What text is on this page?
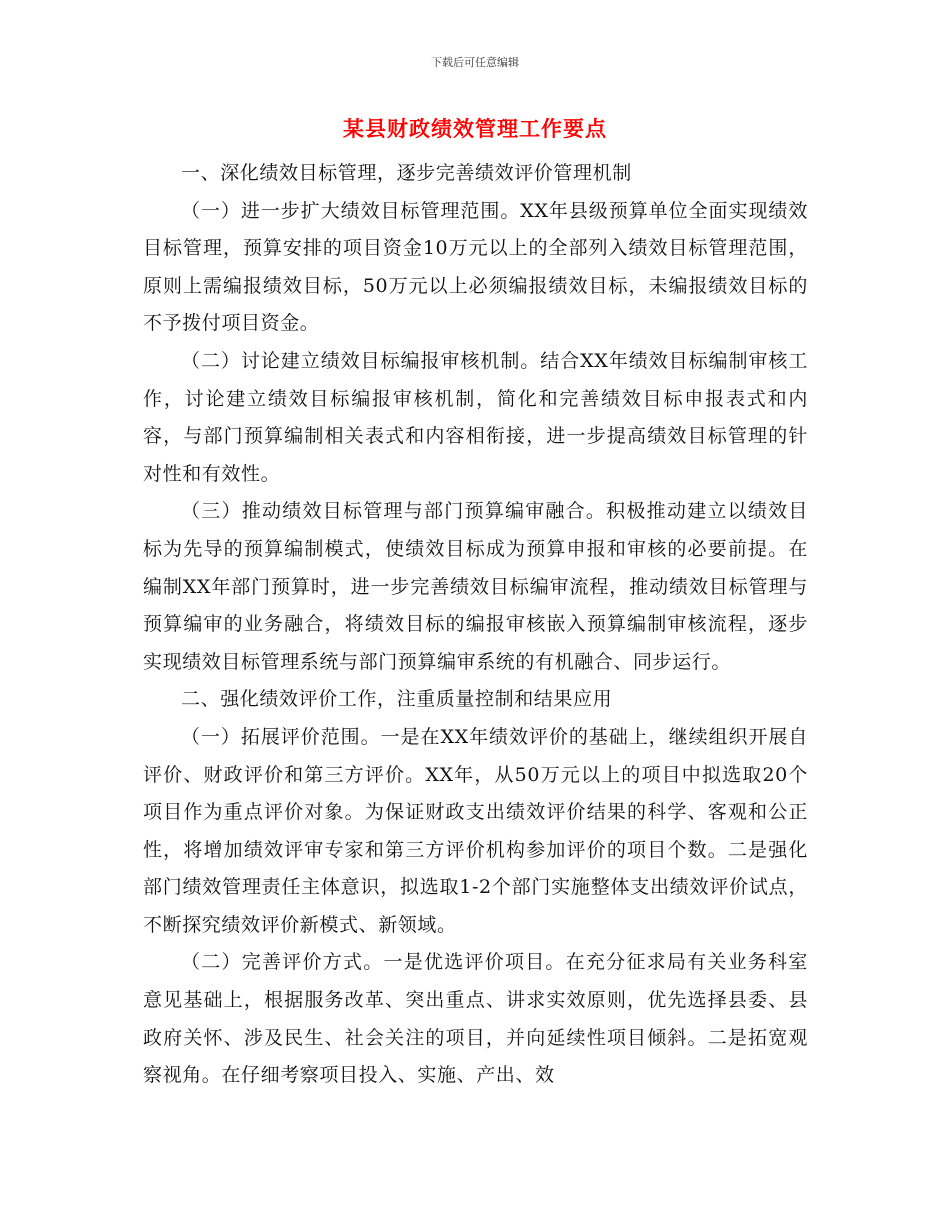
下载后可任意编辑
某县财政绩效管理工作要点

一、深化绩效目标管理，逐步完善绩效评价管理机制

（一）进一步扩大绩效目标管理范围。XX年县级预算单位全面实现绩效目标管理，预算安排的项目资金10万元以上的全部列入绩效目标管理范围，原则上需编报绩效目标，50万元以上必须编报绩效目标，未编报绩效目标的不予拨付项目资金。

（二）讨论建立绩效目标编报审核机制。结合XX年绩效目标编制审核工作，讨论建立绩效目标编报审核机制，简化和完善绩效目标申报表式和内容，与部门预算编制相关表式和内容相衔接，进一步提高绩效目标管理的针对性和有效性。

（三）推动绩效目标管理与部门预算编审融合。积极推动建立以绩效目标为先导的预算编制模式，使绩效目标成为预算申报和审核的必要前提。在编制XX年部门预算时，进一步完善绩效目标编审流程，推动绩效目标管理与预算编审的业务融合，将绩效目标的编报审核嵌入预算编制审核流程，逐步实现绩效目标管理系统与部门预算编审系统的有机融合、同步运行。

二、强化绩效评价工作，注重质量控制和结果应用

（一）拓展评价范围。一是在XX年绩效评价的基础上，继续组织开展自评价、财政评价和第三方评价。XX年，从50万元以上的项目中拟选取20个项目作为重点评价对象。为保证财政支出绩效评价结果的科学、客观和公正性，将增加绩效评审专家和第三方评价机构参加评价的项目个数。二是强化部门绩效管理责任主体意识，拟选取1-2个部门实施整体支出绩效评价试点，不断探究绩效评价新模式、新领域。

（二）完善评价方式。一是优选评价项目。在充分征求局有关业务科室意见基础上，根据服务改革、突出重点、讲求实效原则，优先选择县委、县政府关怀、涉及民生、社会关注的项目，并向延续性项目倾斜。二是拓宽观察视角。在仔细考察项目投入、实施、产出、效
